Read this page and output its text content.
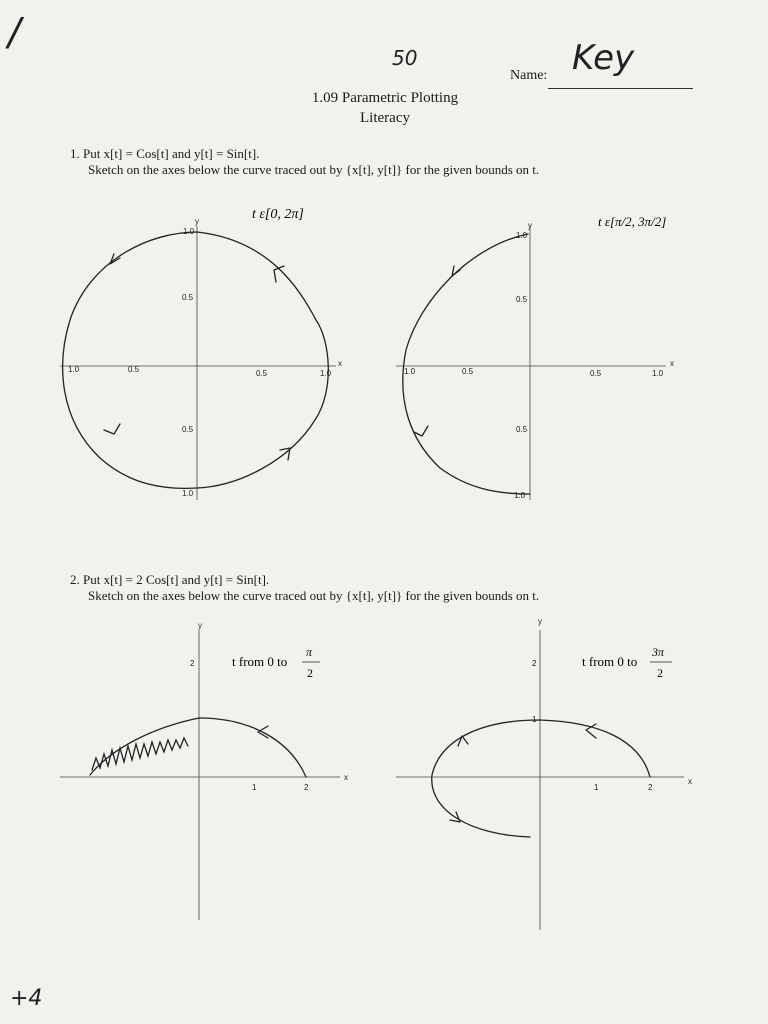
/
50
1.09 Parametric Plotting
Literacy
Name: Key
1. Put x[t] = Cos[t] and y[t] = Sin[t].
Sketch on the axes below the curve traced out by {x[t], y[t]} for the given bounds on t.
2. Put x[t] = 2 Cos[t] and y[t] = Sin[t].
Sketch on the axes below the curve traced out by {x[t], y[t]} for the given bounds on t.
y
x
1.0	0.5	0.5	1.0
1.0
0.5
0.5
1.0
y
x
1.0	0.5	0.5	1.0
1.0
0.5
0.5
1.0
y
x
1	2
2
y
x
1	2
2
1
t ε[0, 2π]	t ε[π/2, 3π/2]
t from 0 to
π
2
t from 0 to
3π
2
+4
